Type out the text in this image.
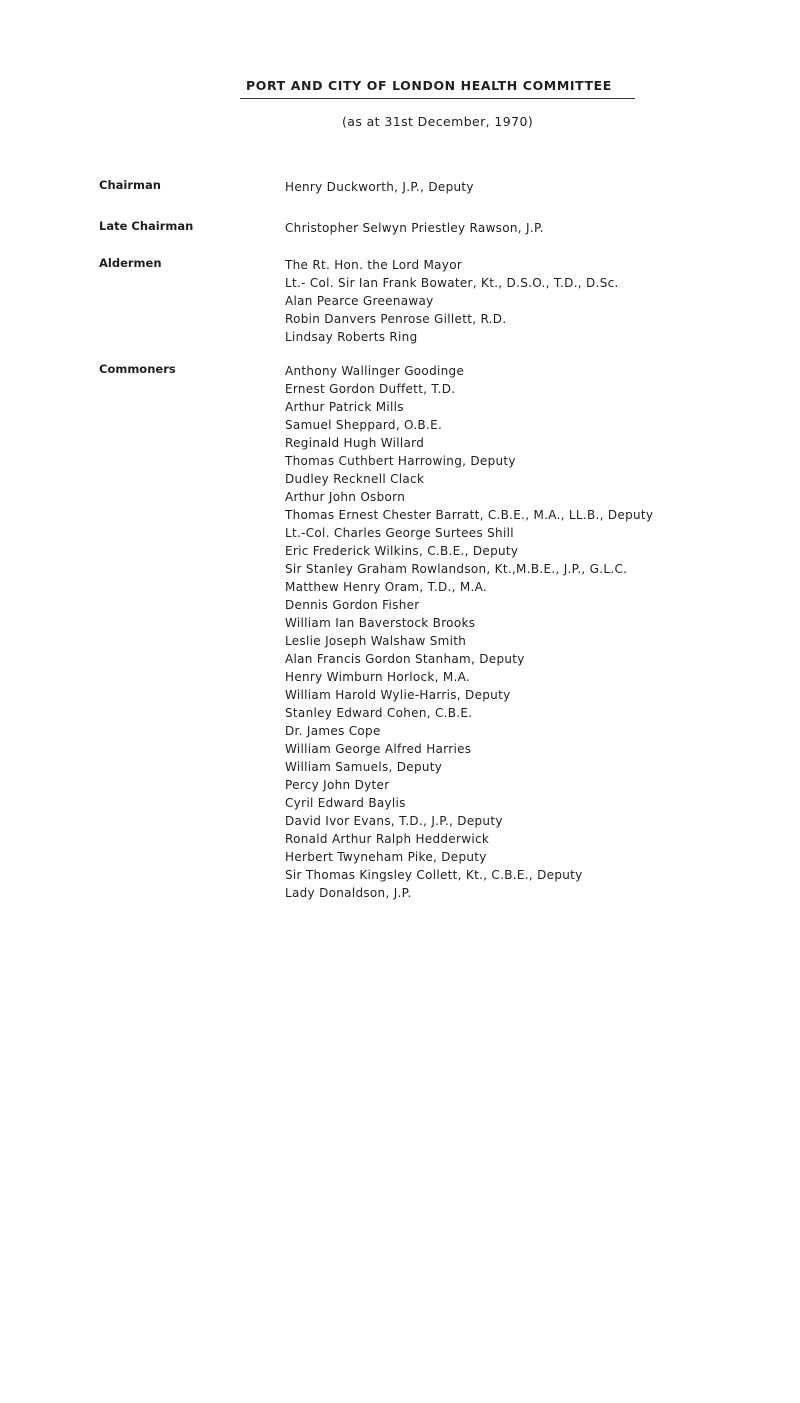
PORT AND CITY OF LONDON HEALTH COMMITTEE
(as at 31st December, 1970)
Chairman	Henry Duckworth, J.P., Deputy
Late Chairman	Christopher Selwyn Priestley Rawson, J.P.
Aldermen	The Rt. Hon. the Lord Mayor
Lt.- Col. Sir Ian Frank Bowater, Kt., D.S.O., T.D., D.Sc.
Alan Pearce Greenaway
Robin Danvers Penrose Gillett, R.D.
Lindsay Roberts Ring
Commoners	Anthony Wallinger Goodinge
Ernest Gordon Duffett, T.D.
Arthur Patrick Mills
Samuel Sheppard, O.B.E.
Reginald Hugh Willard
Thomas Cuthbert Harrowing, Deputy
Dudley Recknell Clack
Arthur John Osborn
Thomas Ernest Chester Barratt, C.B.E., M.A., LL.B., Deputy
Lt.-Col. Charles George Surtees Shill
Eric Frederick Wilkins, C.B.E., Deputy
Sir Stanley Graham Rowlandson, Kt.,M.B.E., J.P., G.L.C.
Matthew Henry Oram, T.D., M.A.
Dennis Gordon Fisher
William Ian Baverstock Brooks
Leslie Joseph Walshaw Smith
Alan Francis Gordon Stanham, Deputy
Henry Wimburn Horlock, M.A.
William Harold Wylie-Harris, Deputy
Stanley Edward Cohen, C.B.E.
Dr. James Cope
William George Alfred Harries
William Samuels, Deputy
Percy John Dyter
Cyril Edward Baylis
David Ivor Evans, T.D., J.P., Deputy
Ronald Arthur Ralph Hedderwick
Herbert Twyneham Pike, Deputy
Sir Thomas Kingsley Collett, Kt., C.B.E., Deputy
Lady Donaldson, J.P.
